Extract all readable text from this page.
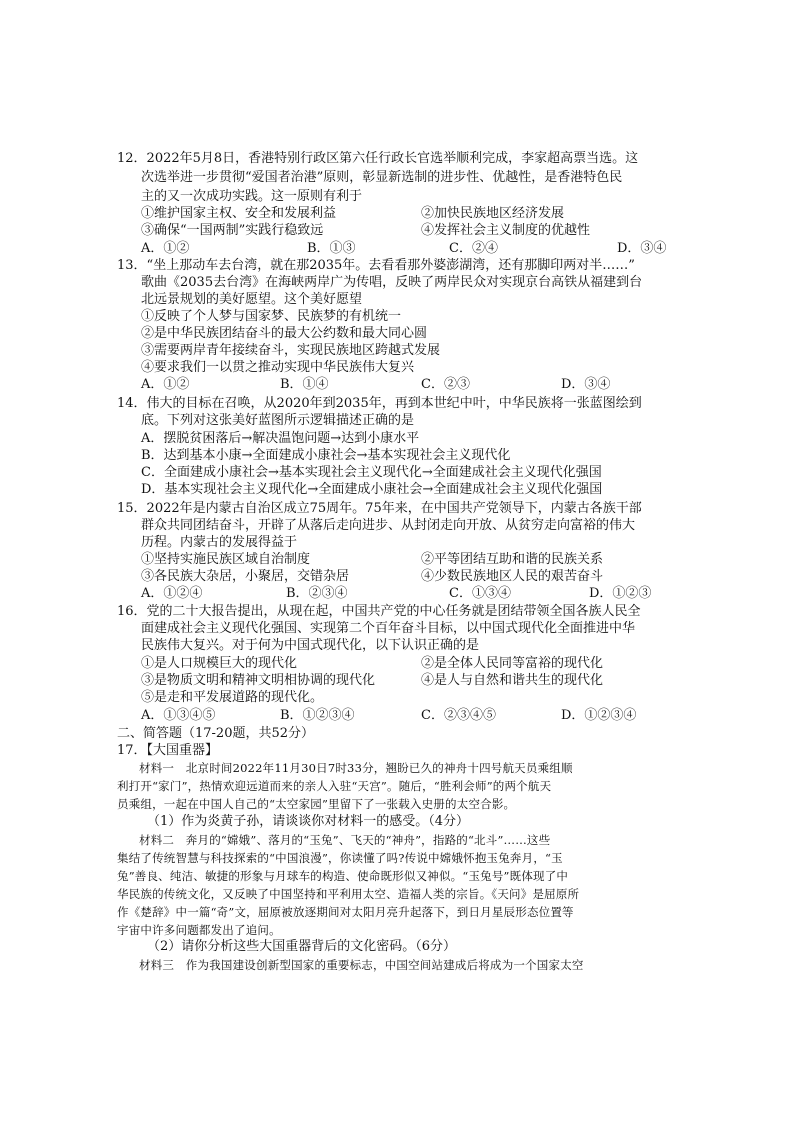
12．2022年5月8日，香港特别行政区第六任行政长官选举顺利完成，李家超高票当选。这
次选举进一步贯彻“爱国者治港”原则，彰显新选制的进步性、优越性，是香港特色民
主的又一次成功实践。这一原则有利于
①维护国家主权、安全和发展利益	②加快民族地区经济发展
③确保“一国两制”实践行稳致远	④发挥社会主义制度的优越性
A．①②	B．①③	C．②④	D．③④
13．“坐上那动车去台湾，就在那2035年。去看看那外婆澎湖湾，还有那脚印两对半……”
歌曲《2035去台湾》在海峡两岸广为传唱，反映了两岸民众对实现京台高铁从福建到台
北远景规划的美好愿望。这个美好愿望
①反映了个人梦与国家梦、民族梦的有机统一
②是中华民族团结奋斗的最大公约数和最大同心圆
③需要两岸青年接续奋斗，实现民族地区跨越式发展
④要求我们一以贯之推动实现中华民族伟大复兴
A．①②	B．①④	C．②③	D．③④
14．伟大的目标在召唤，从2020年到2035年，再到本世纪中叶，中华民族将一张蓝图绘到
底。下列对这张美好蓝图所示逻辑描述正确的是
A．摆脱贫困落后→解决温饱问题→达到小康水平
B．达到基本小康→全面建成小康社会→基本实现社会主义现代化
C．全面建成小康社会→基本实现社会主义现代化→全面建成社会主义现代化强国
D．基本实现社会主义现代化→全面建成小康社会→全面建成社会主义现代化强国
15．2022年是内蒙古自治区成立75周年。75年来，在中国共产党领导下，内蒙古各族干部
群众共同团结奋斗，开辟了从落后走向进步、从封闭走向开放、从贫穷走向富裕的伟大
历程。内蒙古的发展得益于
①坚持实施民族区域自治制度	②平等团结互助和谐的民族关系
③各民族大杂居，小聚居，交错杂居	④少数民族地区人民的艰苦奋斗
A．①②④	B．②③④	C．①③④	D．①②③
16．党的二十大报告提出，从现在起，中国共产党的中心任务就是团结带领全国各族人民全
面建成社会主义现代化强国、实现第二个百年奋斗目标，以中国式现代化全面推进中华
民族伟大复兴。对于何为中国式现代化，以下认识正确的是
①是人口规模巨大的现代化	②是全体人民同等富裕的现代化
③是物质文明和精神文明相协调的现代化	④是人与自然和谐共生的现代化
⑤是走和平发展道路的现代化。
A．①③④⑤	B．①②③④	C．②③④⑤	D．①②③④
二、简答题（17-20题，共52分）
17．【大国重器】
材料一　北京时间2022年11月30日7时33分，翘盼已久的神舟十四号航天员乘组顺
利打开“家门”，热情欢迎远道而来的亲人入驻“天宫”。随后，“胜利会师”的两个航天
员乘组，一起在中国人自己的“太空家园”里留下了一张载入史册的太空合影。
（1）作为炎黄子孙，请谈谈你对材料一的感受。（4分）
材料二　奔月的“嫦娥”、落月的“玉兔”、飞天的“神舟”，指路的“北斗”……这些
集结了传统智慧与科技探索的“中国浪漫”，你读懂了吗?传说中嫦娥怀抱玉兔奔月，“玉
兔”善良、纯洁、敏捷的形象与月球车的构造、使命既形似又神似。“玉兔号”既体现了中
华民族的传统文化，又反映了中国坚持和平利用太空、造福人类的宗旨。《天问》是屈原所
作《楚辞》中一篇“奇”文，屈原被放逐期间对太阳月亮升起落下，到日月星辰形态位置等
宇宙中许多问题都发出了追问。
（2）请你分析这些大国重器背后的文化密码。（6分）
材料三　作为我国建设创新型国家的重要标志，中国空间站建成后将成为一个国家太空
